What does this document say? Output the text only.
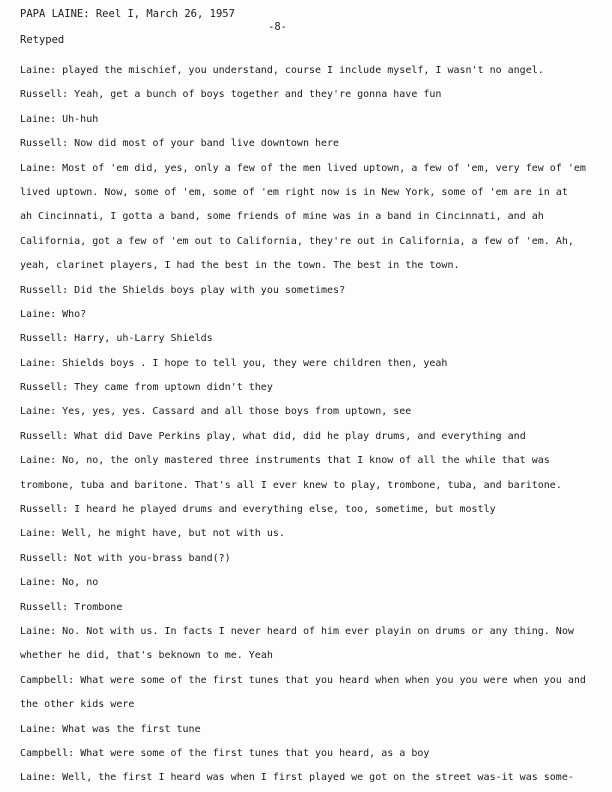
PAPA LAINE: Reel I, March 26, 1957
-8-
Retyped
Laine: played the mischief, you understand, course I include myself, I wasn't no angel.
Russell: Yeah, get a bunch of boys together and they're gonna have fun
Laine: Uh-huh
Russell: Now did most of your band live downtown here
Laine: Most of 'em did, yes, only a few of the men lived uptown, a few of 'em, very few of 'em
lived uptown. Now, some of 'em, some of 'em right now is in New York, some of 'em are in at
ah Cincinnati, I gotta a band, some friends of mine was in a band in Cincinnati, and ah
California, got a few of 'em out to California, they're out in California, a few of 'em. Ah,
yeah, clarinet players, I had the best in the town. The best in the town.
Russell: Did the Shields boys play with you sometimes?
Laine: Who?
Russell: Harry, uh-Larry Shields
Laine: Shields boys . I hope to tell you, they were children then, yeah
Russell: They came from uptown didn't they
Laine: Yes, yes, yes. Cassard and all those boys from uptown, see
Russell: What did Dave Perkins play, what did, did he play drums, and everything and
Laine: No, no, the only mastered three instruments that I know of all the while that was
trombone, tuba and baritone. That's all I ever knew to play, trombone, tuba, and baritone.
Russell: I heard he played drums and everything else, too, sometime, but mostly
Laine: Well, he might have, but not with us.
Russell: Not with you-brass band(?)
Laine: No, no
Russell: Trombone
Laine: No. Not with us. In facts I never heard of him ever playin on drums or any thing. Now
whether he did, that's beknown to me. Yeah
Campbell: What were some of the first tunes that you heard when when you you were when you and
the other kids were
Laine: What was the first tune
Campbell: What were some of the first tunes that you heard, as a boy
Laine: Well, the first I heard was when I first played we got on the street was-it was some-
